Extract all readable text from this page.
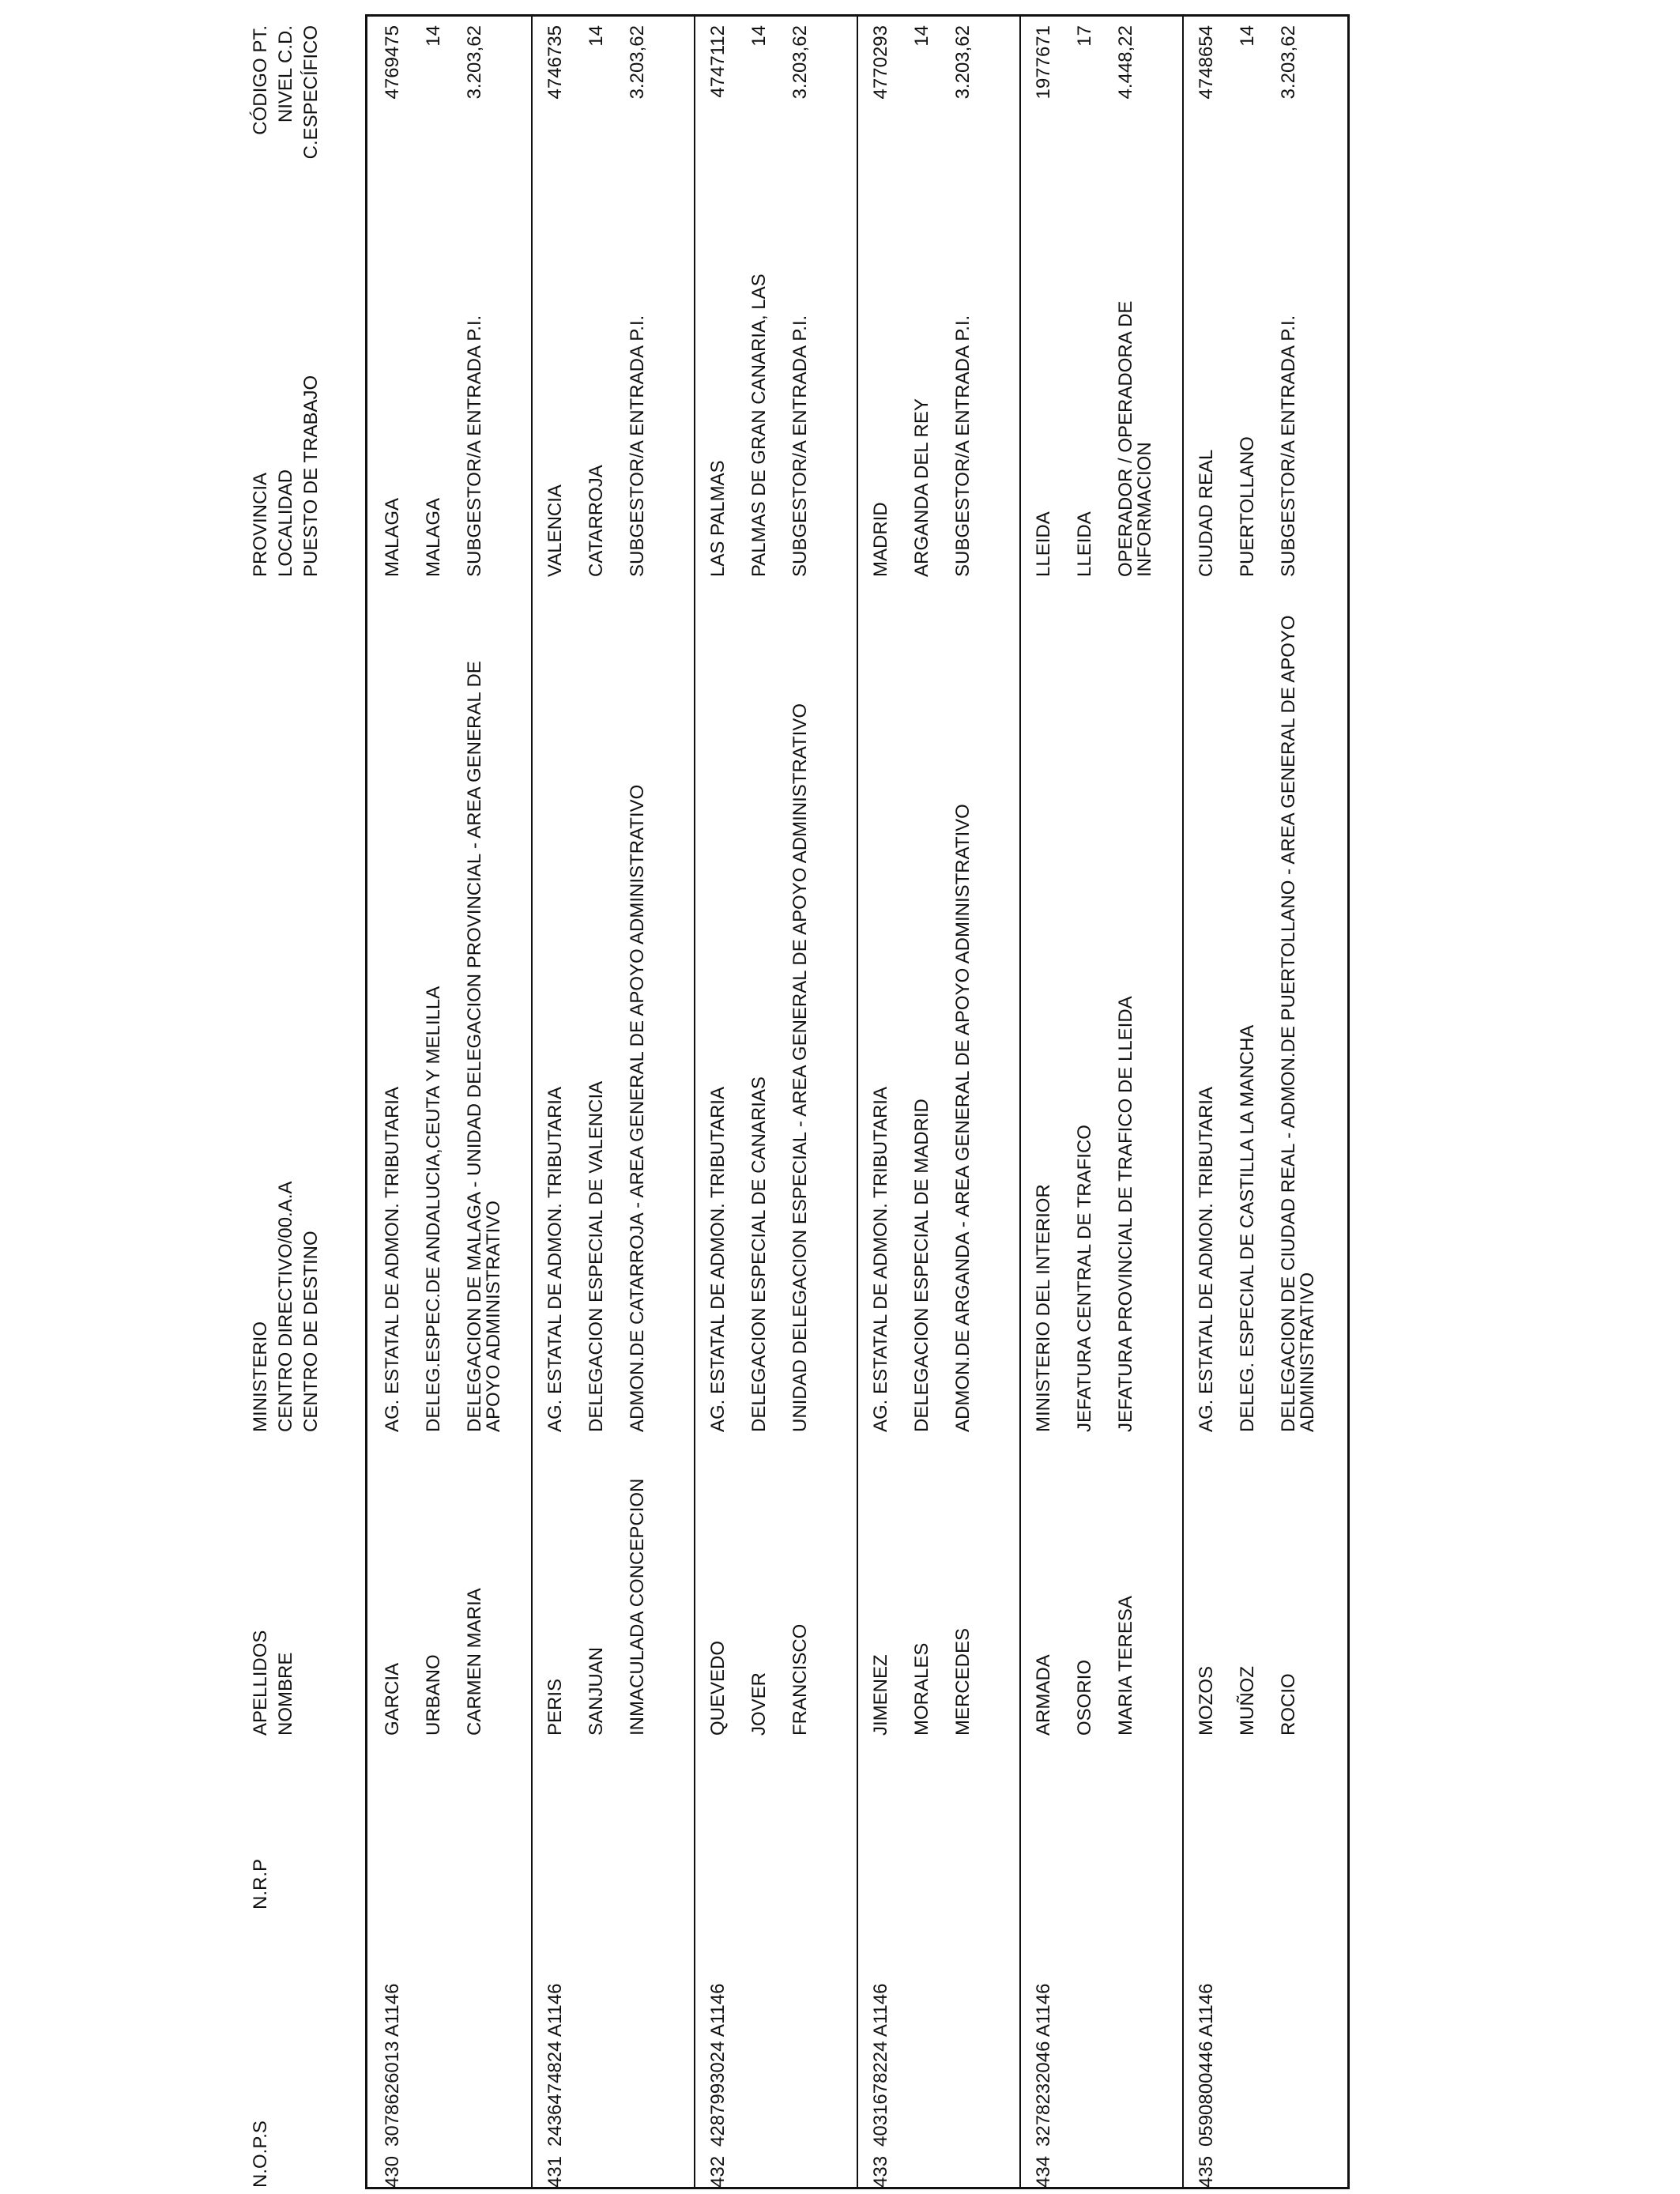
N.O.P.S
N.R.P
APELLIDOS NOMBRE
MINISTERIO CENTRO DIRECTIVO/00.A.A CENTRO DE DESTINO
PROVINCIA LOCALIDAD PUESTO DE TRABAJO
CÓDIGO PT. NIVEL C.D. C.ESPECÍFICO
430
3078626013 A1146
GARCIA URBANO CARMEN MARIA
AG. ESTATAL DE ADMON. TRIBUTARIA DELEG.ESPEC.DE ANDALUCIA,CEUTA Y MELILLA DELEGACION DE MALAGA - UNIDAD DELEGACION PROVINCIAL - AREA GENERAL DE APOYO ADMINISTRATIVO
MALAGA MALAGA SUBGESTOR/A ENTRADA P.I.
4769475 14 3.203,62
431
2436474824 A1146
PERIS SANJUAN INMACULADA CONCEPCION
AG. ESTATAL DE ADMON. TRIBUTARIA DELEGACION ESPECIAL DE VALENCIA ADMON.DE CATARROJA - AREA GENERAL DE APOYO ADMINISTRATIVO
VALENCIA CATARROJA SUBGESTOR/A ENTRADA P.I.
4746735 14 3.203,62
432
4287993024 A1146
QUEVEDO JOVER FRANCISCO
AG. ESTATAL DE ADMON. TRIBUTARIA DELEGACION ESPECIAL DE CANARIAS UNIDAD DELEGACION ESPECIAL - AREA GENERAL DE APOYO ADMINISTRATIVO
LAS PALMAS PALMAS DE GRAN CANARIA, LAS SUBGESTOR/A ENTRADA P.I.
4747112 14 3.203,62
433
4031678224 A1146
JIMENEZ MORALES MERCEDES
AG. ESTATAL DE ADMON. TRIBUTARIA DELEGACION ESPECIAL DE MADRID ADMON.DE ARGANDA - AREA GENERAL DE APOYO ADMINISTRATIVO
MADRID ARGANDA DEL REY SUBGESTOR/A ENTRADA P.I.
4770293 14 3.203,62
434
3278232046 A1146
ARMADA OSORIO MARIA TERESA
MINISTERIO DEL INTERIOR JEFATURA CENTRAL DE TRAFICO JEFATURA PROVINCIAL DE TRAFICO DE LLEIDA
LLEIDA LLEIDA OPERADOR / OPERADORA DE INFORMACION
1977671 17 4.448,22
435
0590800446 A1146
MOZOS MUÑOZ ROCIO
AG. ESTATAL DE ADMON. TRIBUTARIA DELEG. ESPECIAL DE CASTILLA LA MANCHA DELEGACION DE CIUDAD REAL - ADMON.DE PUERTOLLANO - AREA GENERAL DE APOYO ADMINISTRATIVO
CIUDAD REAL PUERTOLLANO SUBGESTOR/A ENTRADA P.I.
4748654 14 3.203,62
